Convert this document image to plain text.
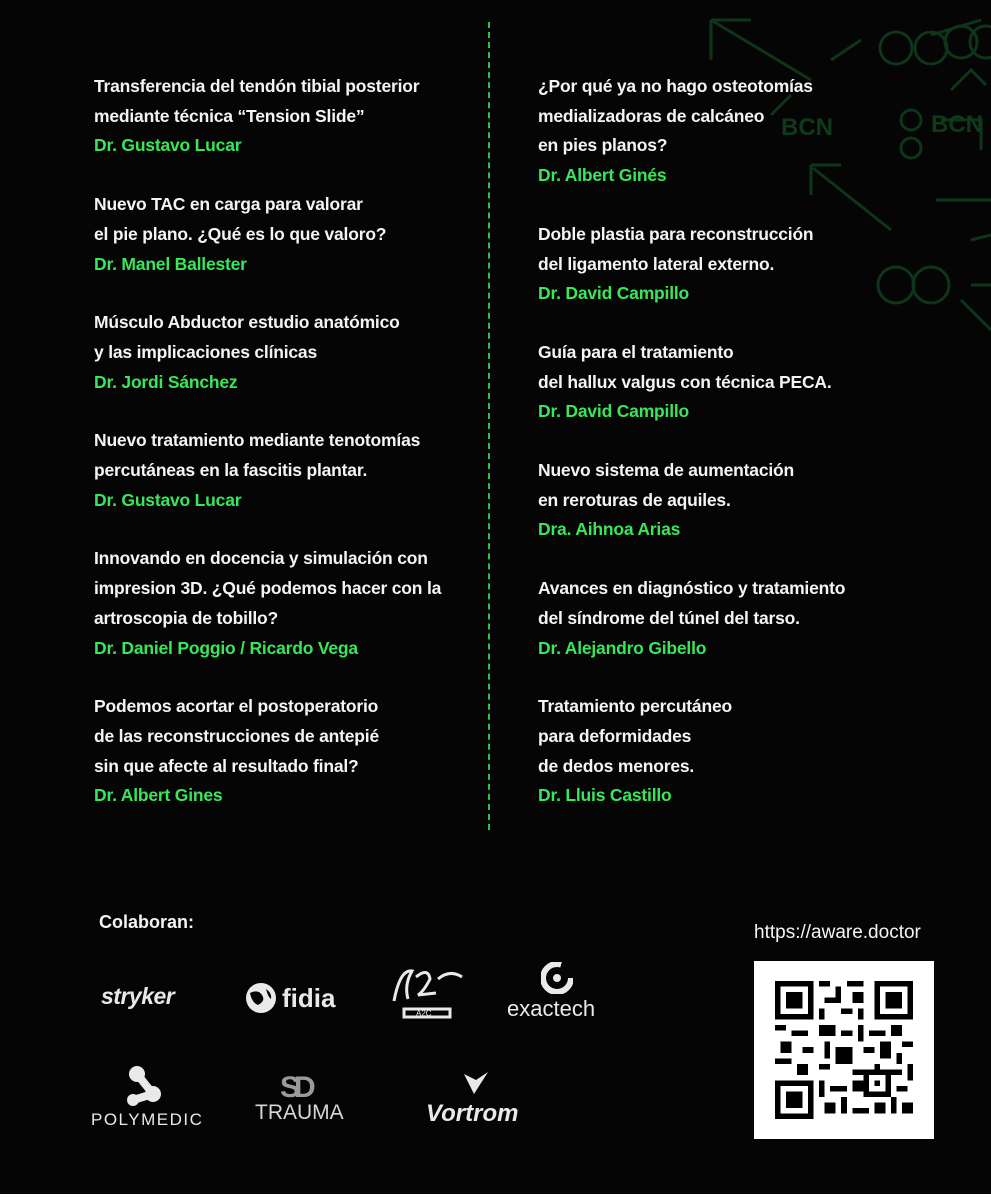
BCN	BCN
Transferencia del tendón tibial posterior
mediante técnica “Tension Slide”
Dr. Gustavo Lucar
Nuevo TAC en carga para valorar
el pie plano. ¿Qué es lo que valoro?
Dr. Manel Ballester
Músculo Abductor estudio anatómico
y las implicaciones clínicas
Dr. Jordi Sánchez
Nuevo tratamiento mediante tenotomías
percutáneas en la fascitis plantar.
Dr. Gustavo Lucar
Innovando en docencia y simulación con
impresion 3D. ¿Qué podemos hacer con la
artroscopia de tobillo?
Dr. Daniel Poggio / Ricardo Vega
Podemos acortar el postoperatorio
de las reconstrucciones de antepié
sin que afecte al resultado final?
Dr. Albert Gines
¿Por qué ya no hago osteotomías
medializadoras de calcáneo
en pies planos?
Dr. Albert Ginés
Doble plastia para reconstrucción
del ligamento lateral externo.
Dr. David Campillo
Guía para el tratamiento
del hallux valgus con técnica PECA.
Dr. David Campillo
Nuevo sistema de aumentación
en reroturas de aquiles.
Dra. Aihnoa Arias
Avances en diagnóstico y tratamiento
del síndrome del túnel del tarso.
Dr. Alejandro Gibello
Tratamiento percutáneo
para deformidades
de dedos menores.
Dr. Lluis Castillo
Colaboran:
stryker	fidia
A2C	exactech
POLYMEDIC
SD
TRAUMA	Vortrom
https://aware.doctor
